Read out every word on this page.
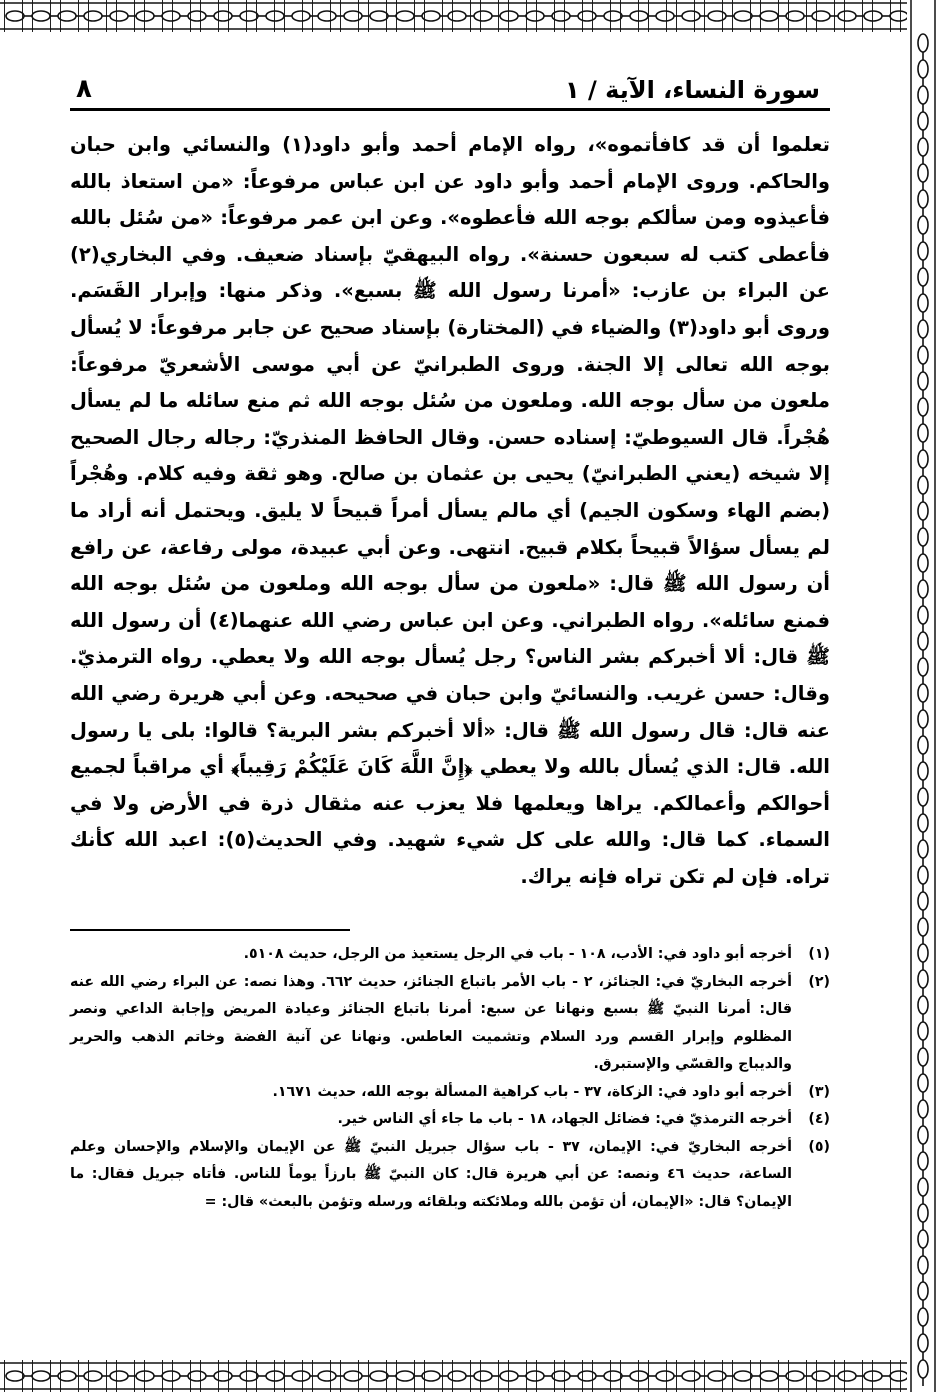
سورة النساء، الآية / ١
٨

تعلموا أن قد كافأتموه»، رواه الإمام أحمد وأبو داود(١) والنسائي وابن حبان والحاكم. وروى الإمام أحمد وأبو داود عن ابن عباس مرفوعاً: «من استعاذ بالله فأعيذوه ومن سألكم بوجه الله فأعطوه». وعن ابن عمر مرفوعاً: «من سُئل بالله فأعطى كتب له سبعون حسنة». رواه البيهقيّ بإسناد ضعيف. وفي البخاري(٢) عن البراء بن عازب: «أمرنا رسول الله ﷺ بسبع». وذكر منها: وإبرار القَسَم. وروى أبو داود(٣) والضياء في (المختارة) بإسناد صحيح عن جابر مرفوعاً: لا يُسأل بوجه الله تعالى إلا الجنة. وروى الطبرانيّ عن أبي موسى الأشعريّ مرفوعاً: ملعون من سأل بوجه الله. وملعون من سُئل بوجه الله ثم منع سائله ما لم يسأل هُجْراً. قال السيوطيّ: إسناده حسن. وقال الحافظ المنذريّ: رجاله رجال الصحيح إلا شيخه (يعني الطبرانيّ) يحيى بن عثمان بن صالح. وهو ثقة وفيه كلام. وهُجْراً (بضم الهاء وسكون الجيم) أي مالم يسأل أمراً قبيحاً لا يليق. ويحتمل أنه أراد ما لم يسأل سؤالاً قبيحاً بكلام قبيح. انتهى. وعن أبي عبيدة، مولى رفاعة، عن رافع أن رسول الله ﷺ قال: «ملعون من سأل بوجه الله وملعون من سُئل بوجه الله فمنع سائله». رواه الطبراني. وعن ابن عباس رضي الله عنهما(٤) أن رسول الله ﷺ قال: ألا أخبركم بشر الناس؟ رجل يُسأل بوجه الله ولا يعطي. رواه الترمذيّ. وقال: حسن غريب. والنسائيّ وابن حبان في صحيحه. وعن أبي هريرة رضي الله عنه قال: قال رسول الله ﷺ قال: «ألا أخبركم بشر البرية؟ قالوا: بلى يا رسول الله. قال: الذي يُسأل بالله ولا يعطي ﴿إِنَّ اللَّهَ كَانَ عَلَيْكُمْ رَقِيباً﴾ أي مراقباً لجميع أحوالكم وأعمالكم. يراها ويعلمها فلا يعزب عنه مثقال ذرة في الأرض ولا في السماء. كما قال: والله على كل شيء شهيد. وفي الحديث(٥): اعبد الله كأنك تراه. فإن لم تكن تراه فإنه يراك.

(١)
أخرجه أبو داود في: الأدب، ١٠٨ - باب في الرجل يستعيذ من الرجل، حديث ٥١٠٨.
(٢)
أخرجه البخاريّ في: الجنائز، ٢ - باب الأمر باتباع الجنائز، حديث ٦٦٢. وهذا نصه: عن البراء رضي الله عنه قال: أمرنا النبيّ ﷺ بسبع ونهانا عن سبع: أمرنا باتباع الجنائز وعيادة المريض وإجابة الداعي ونصر المظلوم وإبرار القسم ورد السلام وتشميت العاطس. ونهانا عن آنية الفضة وخاتم الذهب والحرير والديباج والقسّي والإستبرق.
(٣)
أخرجه أبو داود في: الزكاة، ٣٧ - باب كراهية المسألة بوجه الله، حديث ١٦٧١.
(٤)
أخرجه الترمذيّ في: فضائل الجهاد، ١٨ - باب ما جاء أي الناس خير.
(٥)
أخرجه البخاريّ في: الإيمان، ٣٧ - باب سؤال جبريل النبيّ ﷺ عن الإيمان والإسلام والإحسان وعلم الساعة، حديث ٤٦ ونصه: عن أبي هريرة قال: كان النبيّ ﷺ بارزاً يوماً للناس. فأتاه جبريل فقال: ما الإيمان؟ قال: «الإيمان، أن تؤمن بالله وملائكته وبلقائه ورسله وتؤمن بالبعث» قال: =
